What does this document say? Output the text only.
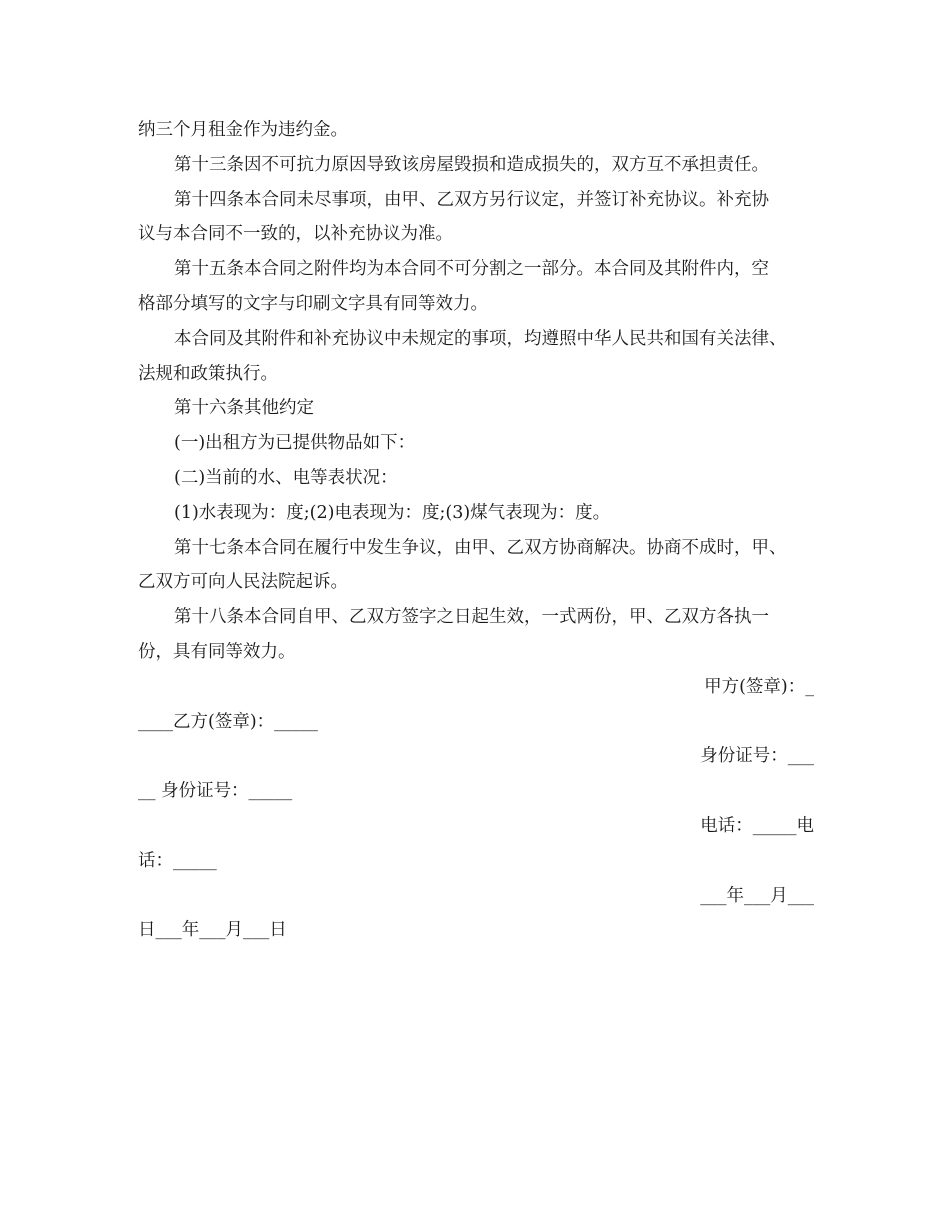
纳三个月租金作为违约金。
第十三条因不可抗力原因导致该房屋毁损和造成损失的，双方互不承担责任。
第十四条本合同未尽事项，由甲、乙双方另行议定，并签订补充协议。补充协
议与本合同不一致的，以补充协议为准。
第十五条本合同之附件均为本合同不可分割之一部分。本合同及其附件内，空
格部分填写的文字与印刷文字具有同等效力。
本合同及其附件和补充协议中未规定的事项，均遵照中华人民共和国有关法律、
法规和政策执行。
第十六条其他约定
(一)出租方为已提供物品如下：
(二)当前的水、电等表状况：
(1)水表现为：度;(2)电表现为：度;(3)煤气表现为：度。
第十七条本合同在履行中发生争议，由甲、乙双方协商解决。协商不成时，甲、
乙双方可向人民法院起诉。
第十八条本合同自甲、乙双方签字之日起生效，一式两份，甲、乙双方各执一
份，具有同等效力。
甲方(签章)：_
____乙方(签章)：_____
身份证号：___
__ 身份证号：_____
电话：_____电
话：_____
___年___月___
日___年___月___日
